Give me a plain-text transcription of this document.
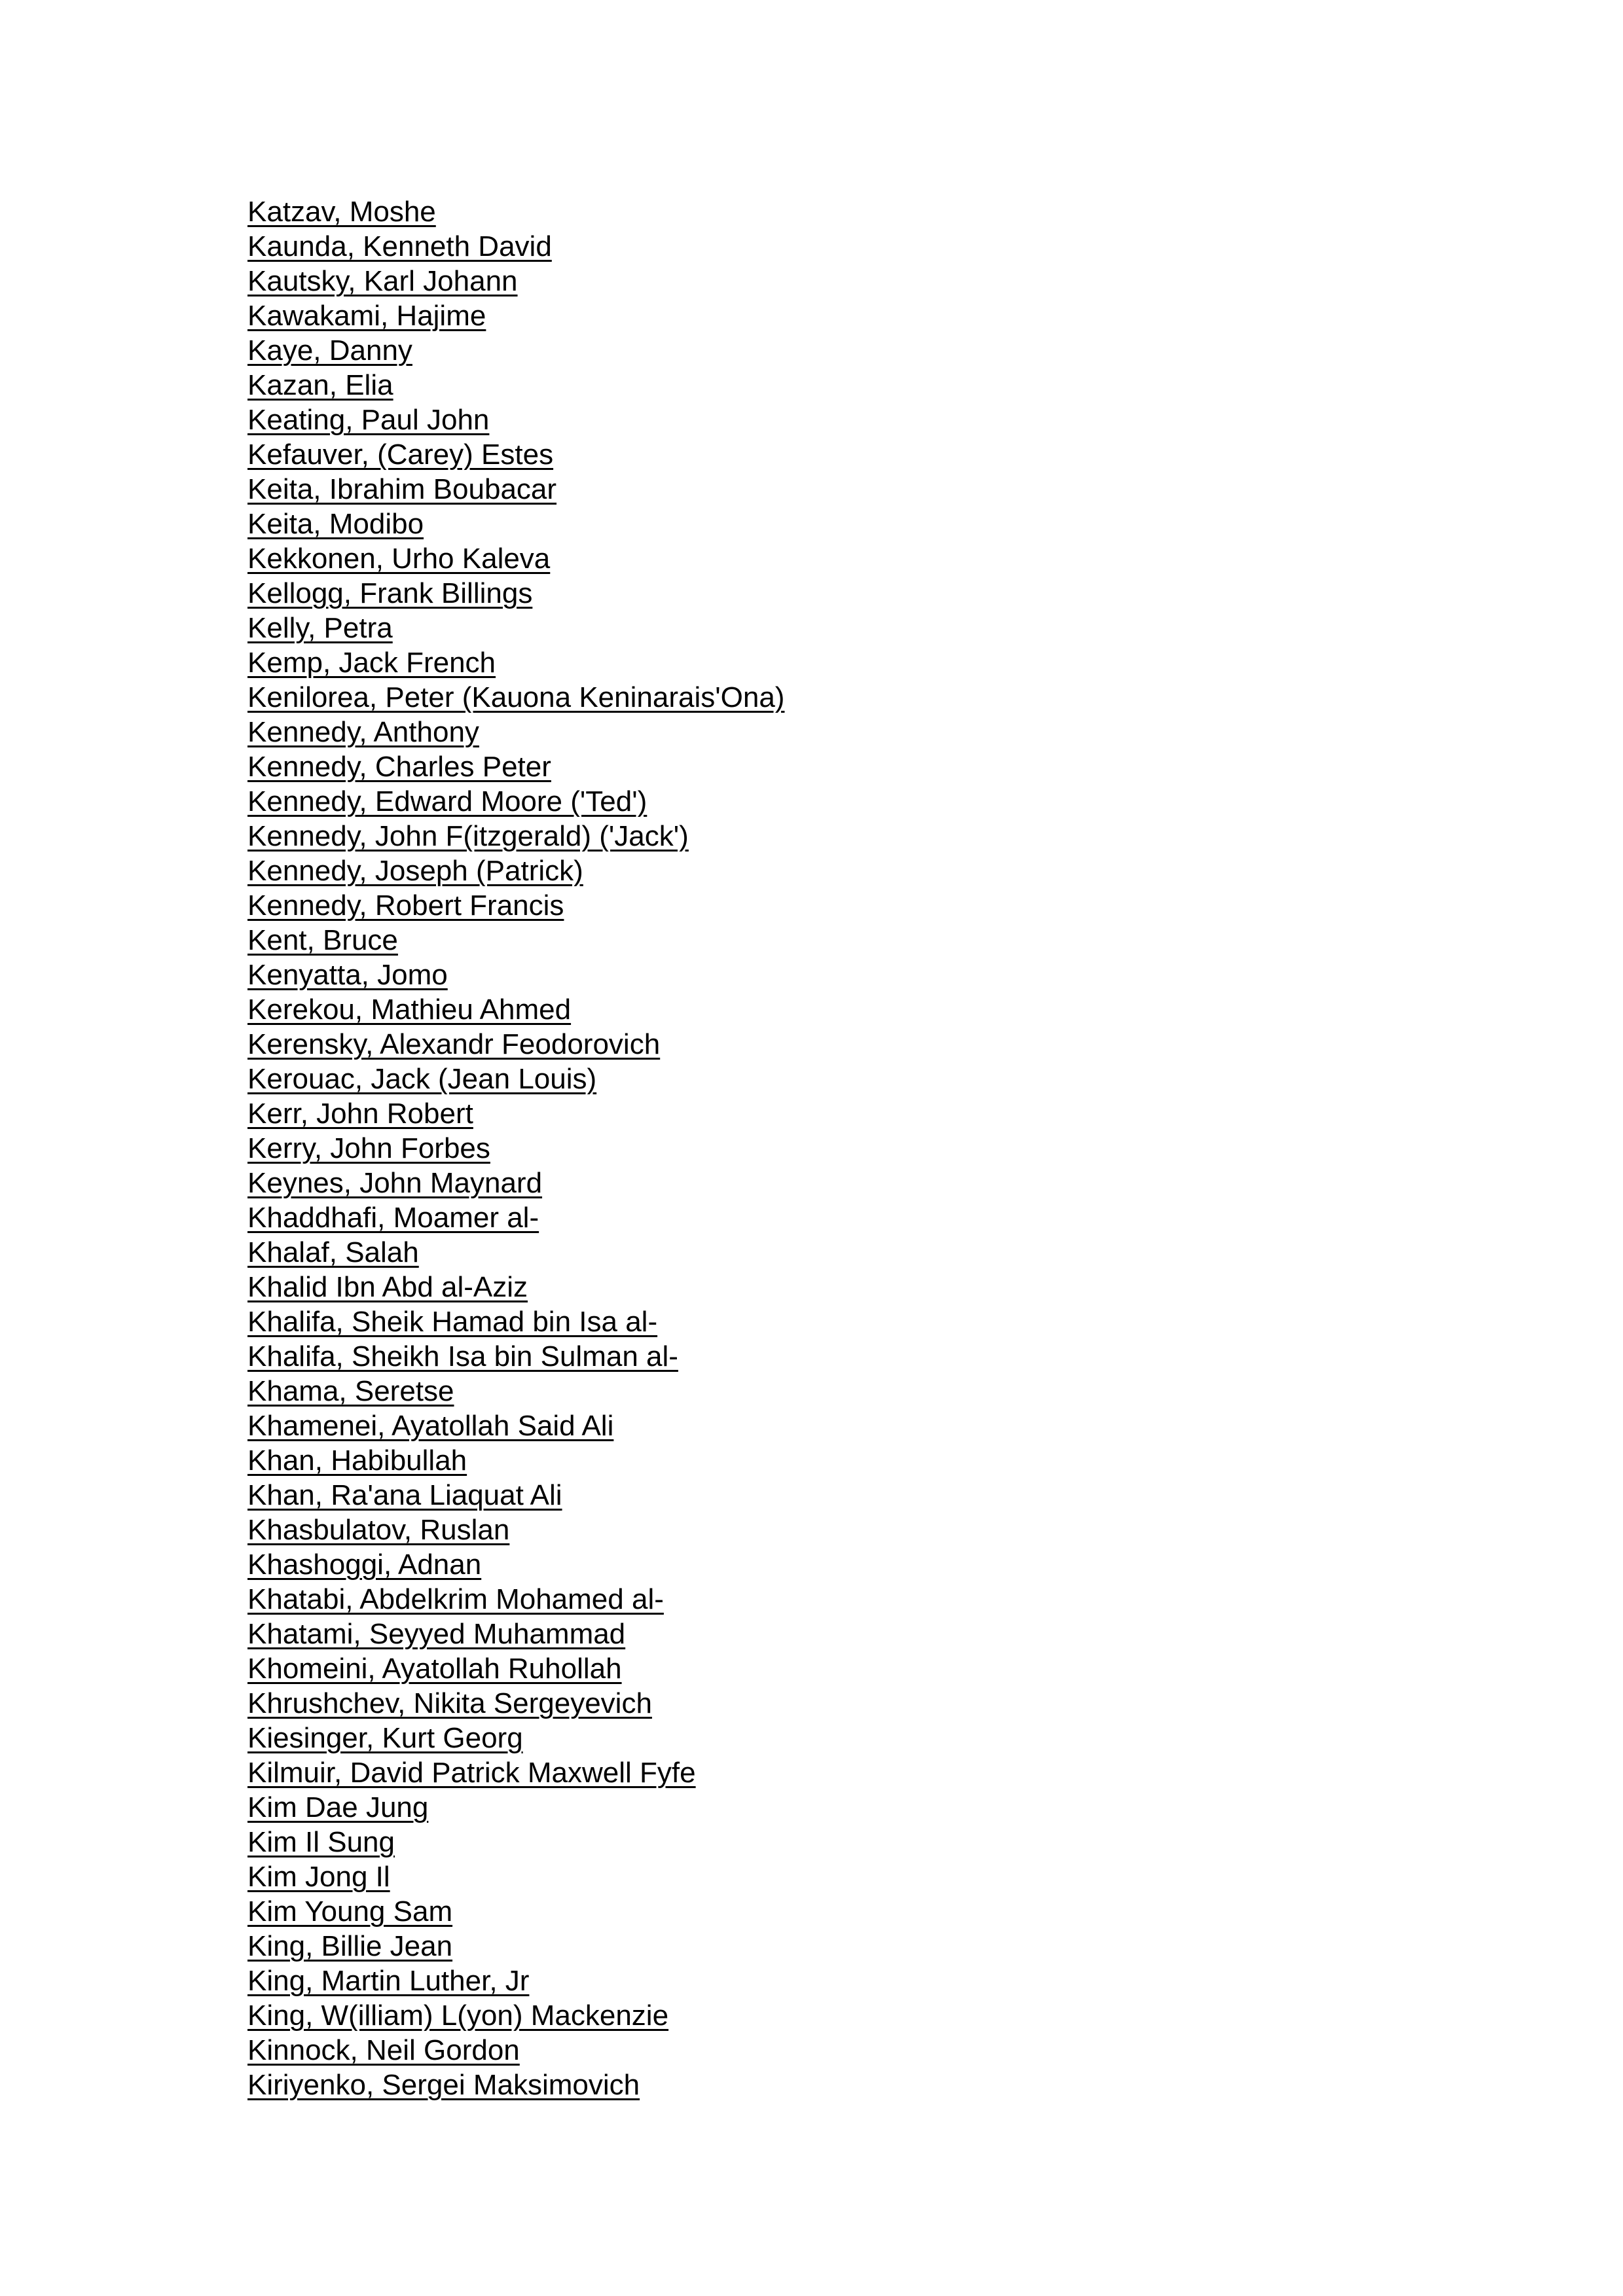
Katzav, Moshe
Kaunda, Kenneth David
Kautsky, Karl Johann
Kawakami, Hajime
Kaye, Danny
Kazan, Elia
Keating, Paul John
Kefauver, (Carey) Estes
Keita, Ibrahim Boubacar
Keita, Modibo
Kekkonen, Urho Kaleva
Kellogg, Frank Billings
Kelly, Petra
Kemp, Jack French
Kenilorea, Peter (Kauona Keninarais'Ona)
Kennedy, Anthony
Kennedy, Charles Peter
Kennedy, Edward Moore ('Ted')
Kennedy, John F(itzgerald) ('Jack')
Kennedy, Joseph (Patrick)
Kennedy, Robert Francis
Kent, Bruce
Kenyatta, Jomo
Kerekou, Mathieu Ahmed
Kerensky, Alexandr Feodorovich
Kerouac, Jack (Jean Louis)
Kerr, John Robert
Kerry, John Forbes
Keynes, John Maynard
Khaddhafi, Moamer al-
Khalaf, Salah
Khalid Ibn Abd al-Aziz
Khalifa, Sheik Hamad bin Isa al-
Khalifa, Sheikh Isa bin Sulman al-
Khama, Seretse
Khamenei, Ayatollah Said Ali
Khan, Habibullah
Khan, Ra'ana Liaquat Ali
Khasbulatov, Ruslan
Khashoggi, Adnan
Khatabi, Abdelkrim Mohamed al-
Khatami, Seyyed Muhammad
Khomeini, Ayatollah Ruhollah
Khrushchev, Nikita Sergeyevich
Kiesinger, Kurt Georg
Kilmuir, David Patrick Maxwell Fyfe
Kim Dae Jung
Kim Il Sung
Kim Jong Il
Kim Young Sam
King, Billie Jean
King, Martin Luther, Jr
King, W(illiam) L(yon) Mackenzie
Kinnock, Neil Gordon
Kiriyenko, Sergei Maksimovich
